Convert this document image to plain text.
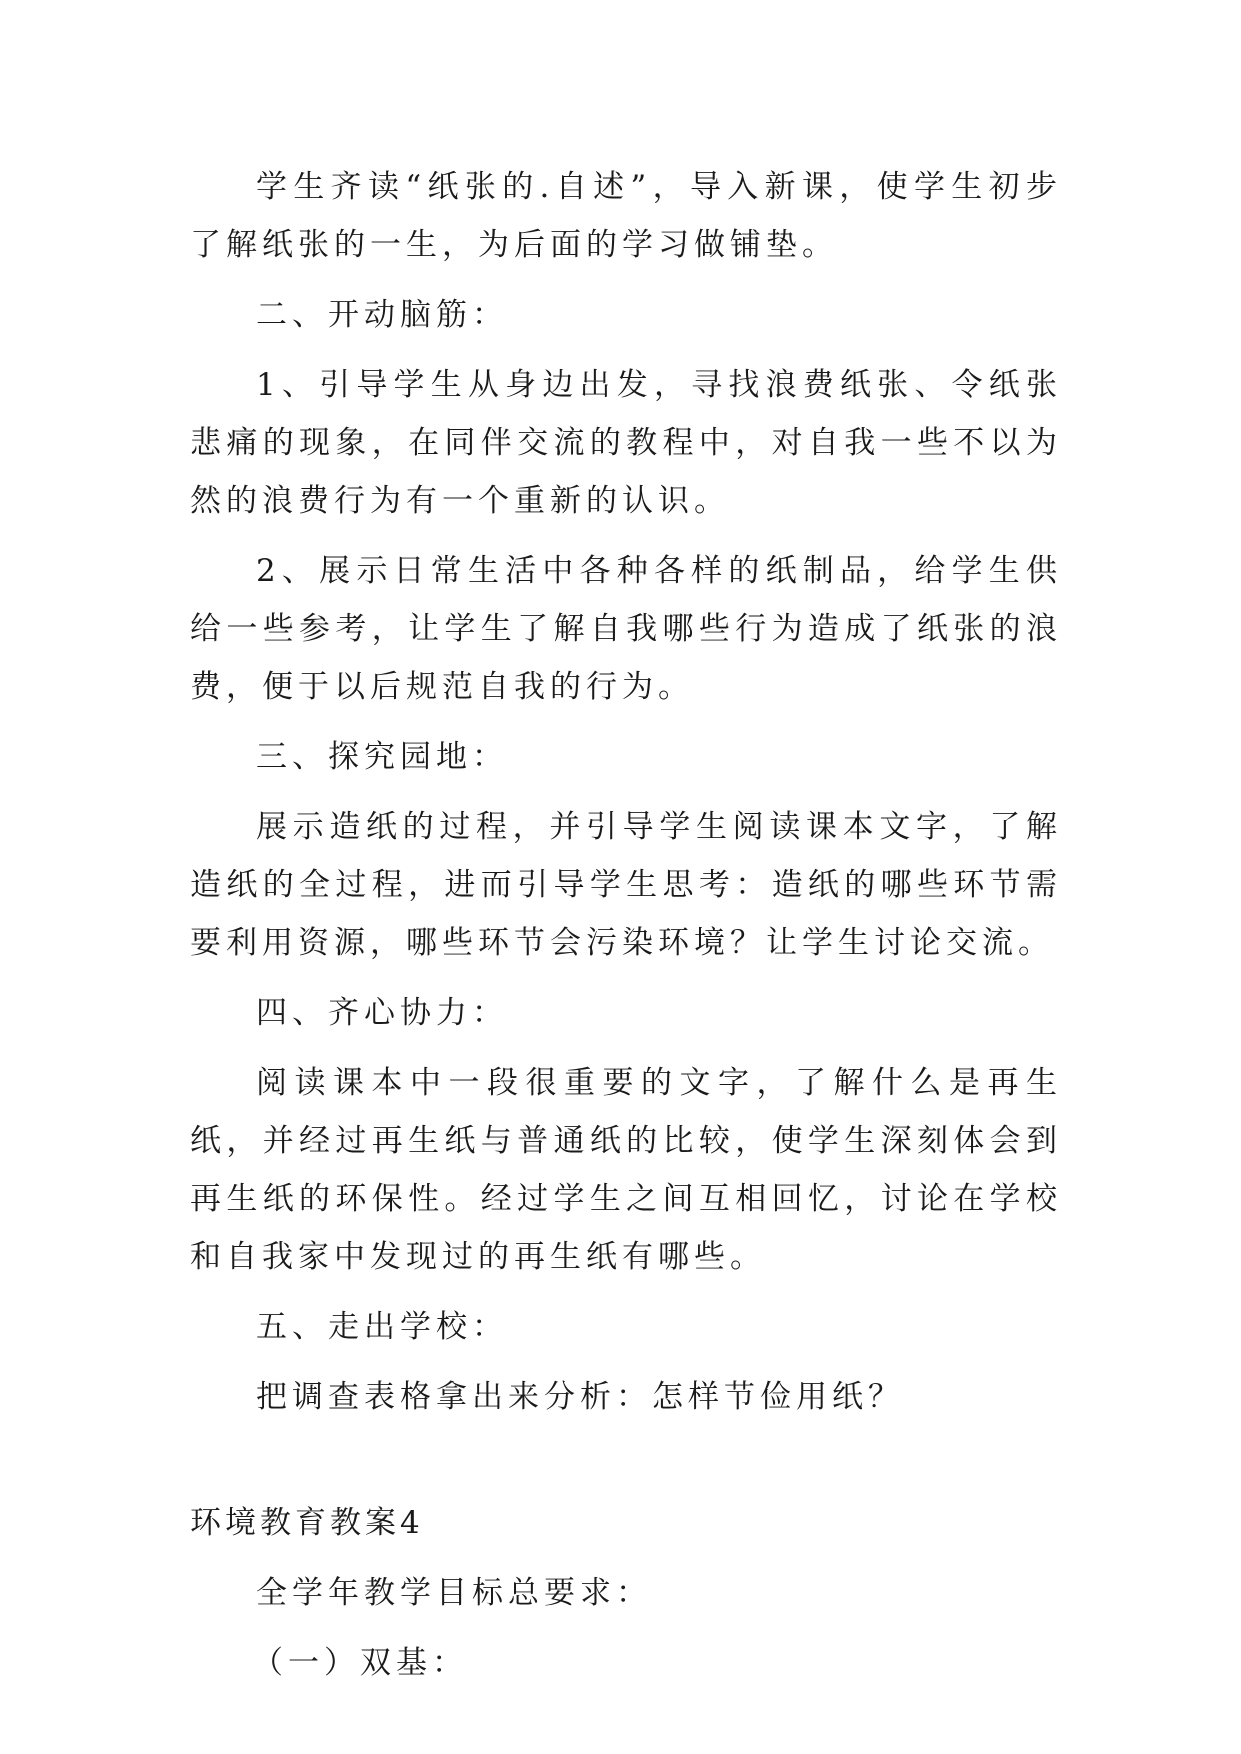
学生齐读“纸张的.自述”，导入新课，使学生初步了解纸张的一生，为后面的学习做铺垫。

二、开动脑筋：

1、引导学生从身边出发，寻找浪费纸张、令纸张悲痛的现象，在同伴交流的教程中，对自我一些不以为然的浪费行为有一个重新的认识。

2、展示日常生活中各种各样的纸制品，给学生供给一些参考，让学生了解自我哪些行为造成了纸张的浪费，便于以后规范自我的行为。

三、探究园地：

展示造纸的过程，并引导学生阅读课本文字，了解造纸的全过程，进而引导学生思考：造纸的哪些环节需要利用资源，哪些环节会污染环境？让学生讨论交流。

四、齐心协力：

阅读课本中一段很重要的文字，了解什么是再生纸，并经过再生纸与普通纸的比较，使学生深刻体会到再生纸的环保性。经过学生之间互相回忆，讨论在学校和自我家中发现过的再生纸有哪些。

五、走出学校：

把调查表格拿出来分析：怎样节俭用纸？

环境教育教案4

全学年教学目标总要求：

（一）双基：
